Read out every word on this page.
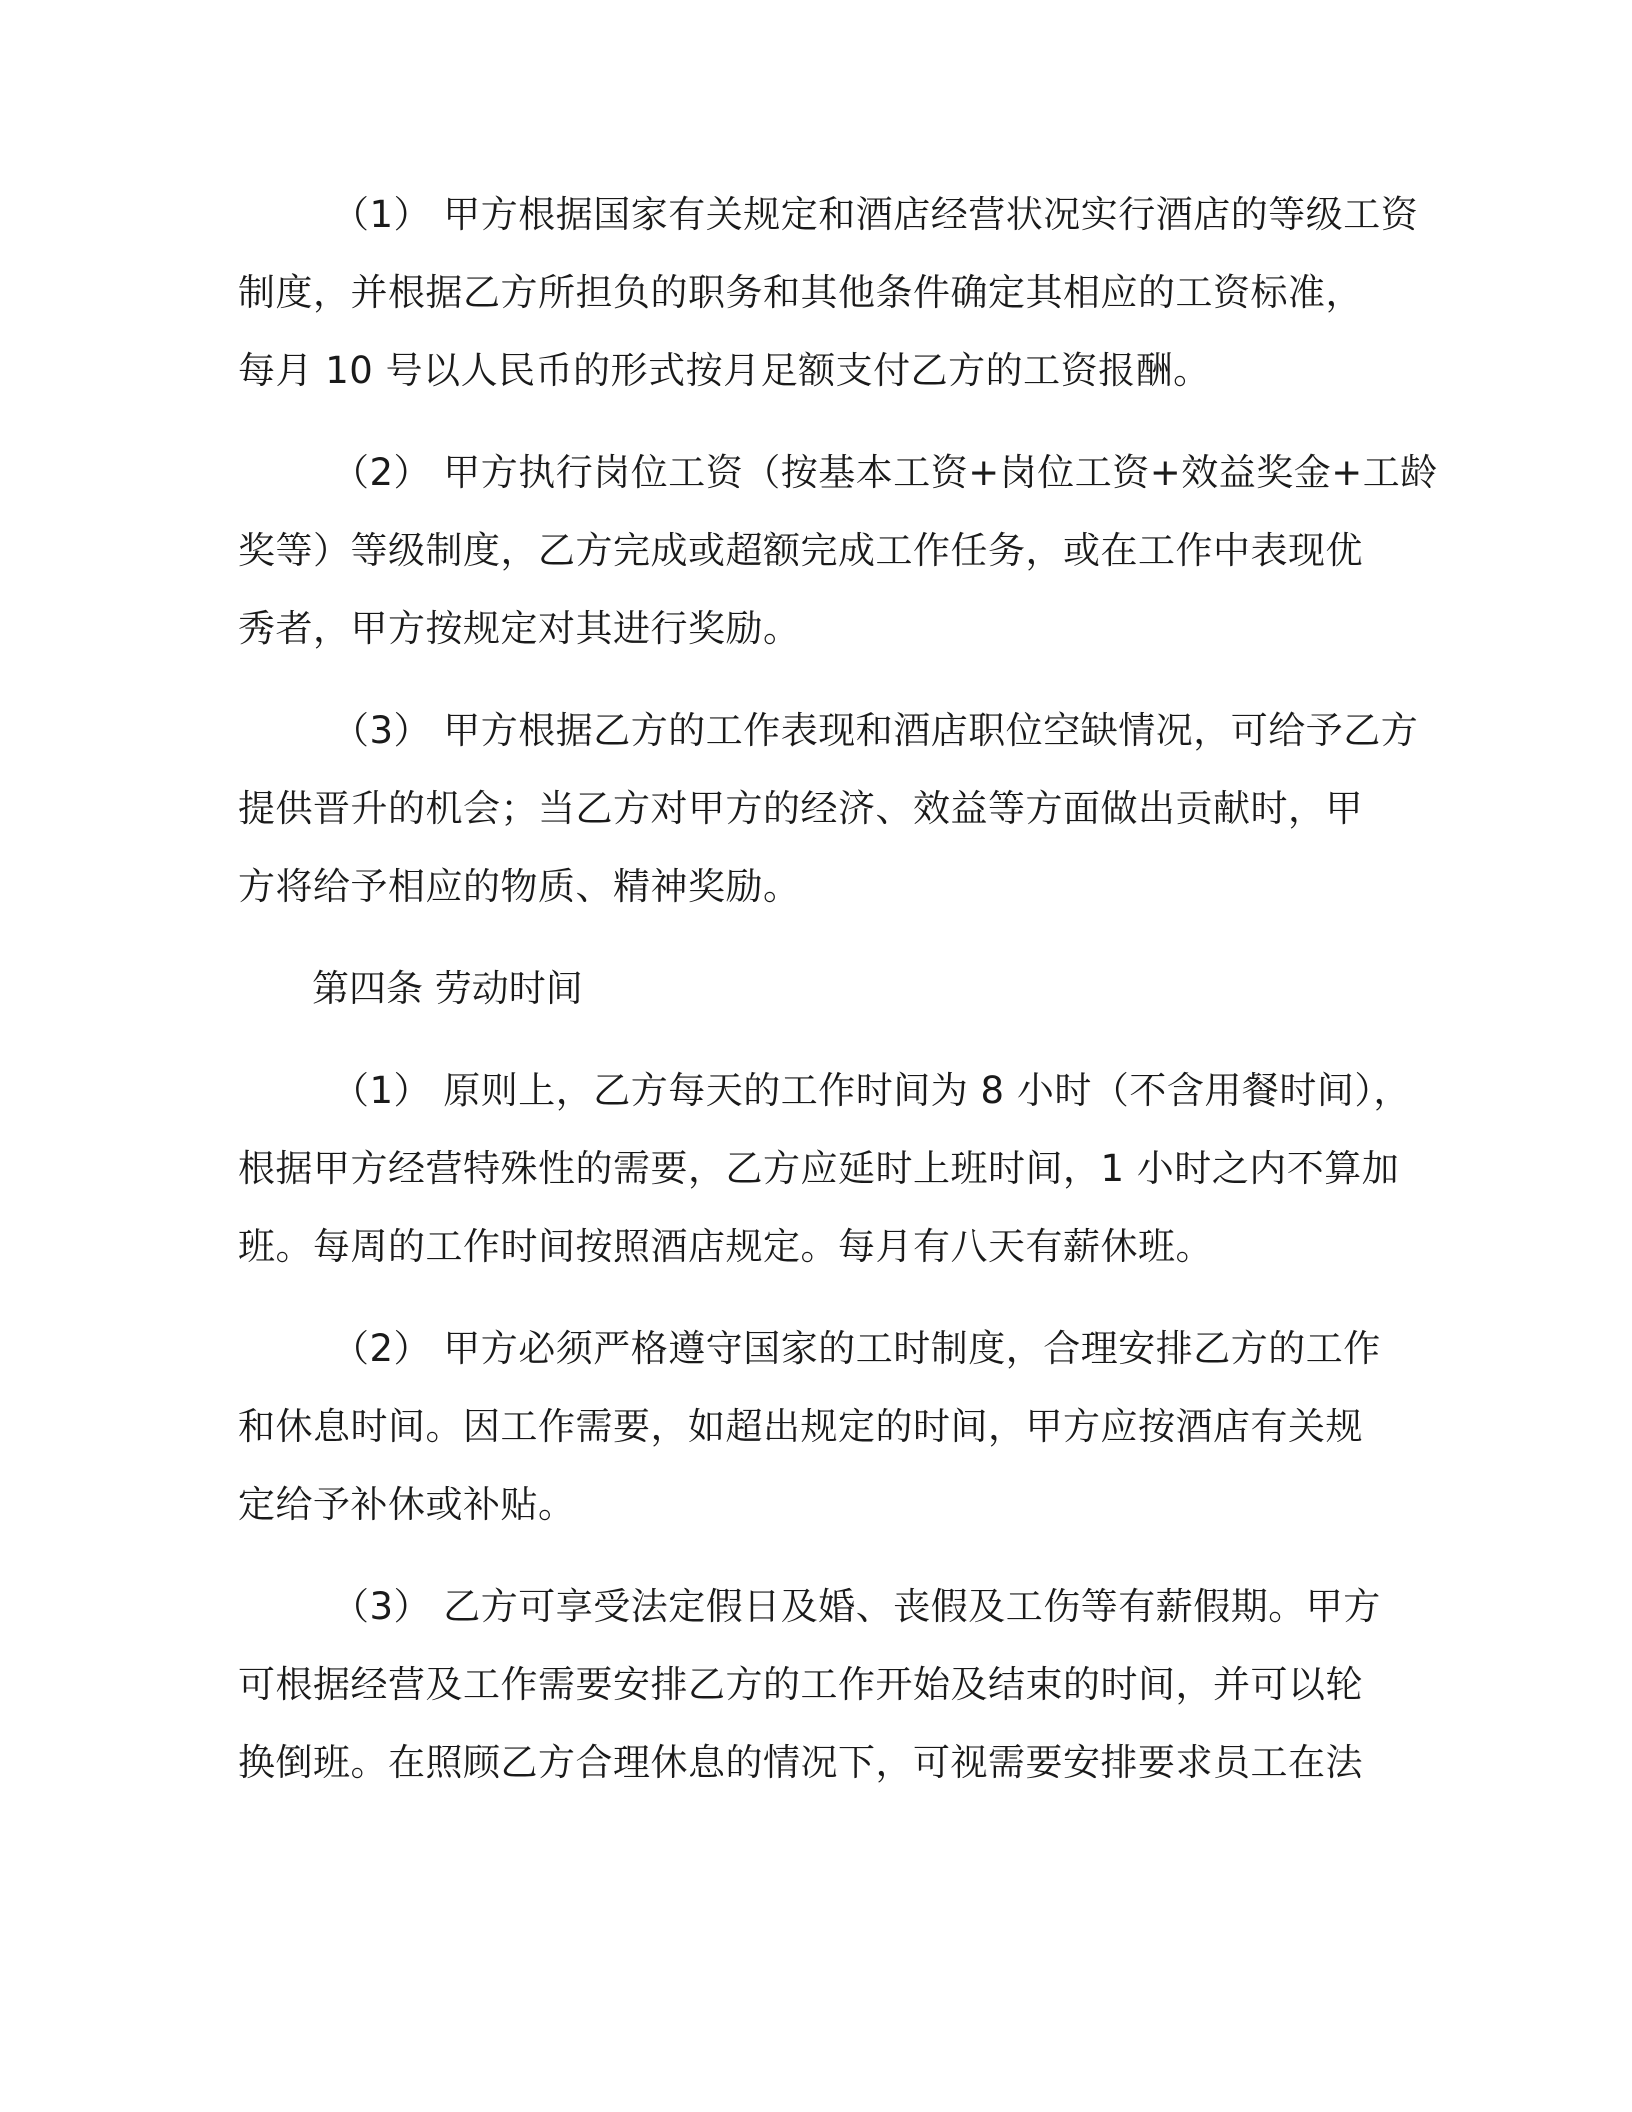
（1） 甲方根据国家有关规定和酒店经营状况实行酒店的等级工资
制度，并根据乙方所担负的职务和其他条件确定其相应的工资标准，
每月 10 号以人民币的形式按月足额支付乙方的工资报酬。

（2） 甲方执行岗位工资（按基本工资+岗位工资+效益奖金+工龄
奖等）等级制度，乙方完成或超额完成工作任务，或在工作中表现优
秀者，甲方按规定对其进行奖励。

（3） 甲方根据乙方的工作表现和酒店职位空缺情况，可给予乙方
提供晋升的机会；当乙方对甲方的经济、效益等方面做出贡献时，甲
方将给予相应的物质、精神奖励。

第四条 劳动时间

（1） 原则上，乙方每天的工作时间为 8 小时（不含用餐时间），
根据甲方经营特殊性的需要，乙方应延时上班时间，1 小时之内不算加
班。每周的工作时间按照酒店规定。每月有八天有薪休班。

（2） 甲方必须严格遵守国家的工时制度，合理安排乙方的工作
和休息时间。因工作需要，如超出规定的时间，甲方应按酒店有关规
定给予补休或补贴。

（3） 乙方可享受法定假日及婚、丧假及工伤等有薪假期。甲方
可根据经营及工作需要安排乙方的工作开始及结束的时间，并可以轮
换倒班。在照顾乙方合理休息的情况下，可视需要安排要求员工在法
